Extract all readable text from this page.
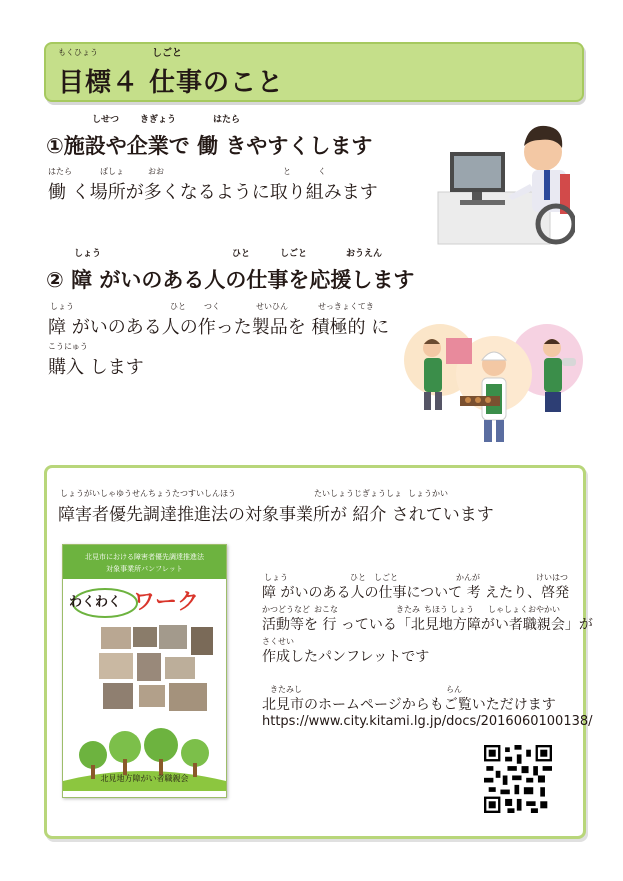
もくひょう	しごと
目標４ 仕事のこと
しせつ きぎょう	はたら
①施設や企業で 働 きやすくします
はたら	ばしょ	おお	と	く
働 く場所が多くなるように取り組みます
しょう	ひと	しごと	おうえん
② 障 がいのある人の仕事を応援します
しょう	ひと つく	せいひん	せっきょくてき
障 がいのある人の作った製品を 積極的 に
こうにゅう
購入 します
しょうがいしゃゆうせんちょうたつすいしんほう	たいしょうじぎょうしょ しょうかい
障害者優先調達推進法の対象事業所が 紹介 されています
北見市における障害者優先調達推進法
対象事業所パンフレット
わくわく ワーク
北見地方障がい者職親会
しょう	ひと しごと	かんが	けいはつ
障 がいのある人の仕事について 考 えたり、啓発
かつどうなど おこな	きたみ ちほう しょう しゃしょくおやかい
活動等を 行 っている「北見地方障がい者職親会」が
さくせい
作成したパンフレットです
きたみし	らん
北見市のホームページからもご覧いただけます
https://www.city.kitami.lg.jp/docs/2016060100138/
